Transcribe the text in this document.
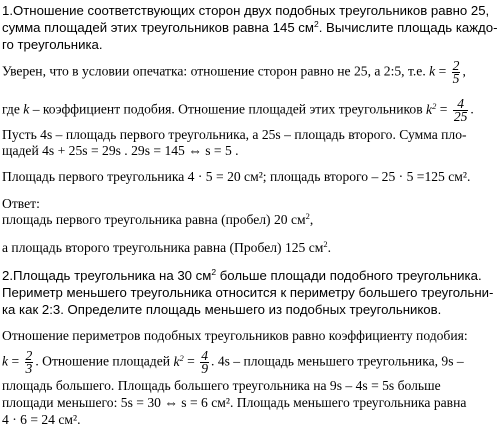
1.Отношение соответствующих сторон двух подобных треугольников равно 25,
сумма площадей этих треугольников равна 145 $см^2$. Вычислите площадь каждо-
го треугольника.
Уверен, что в условии опечатка: отношение сторон равно не 25, а 2:5, т.е. $k = \frac{2}{5}$ ,
где k – коэффициент подобия. Отношение площадей этих треугольников $k^2 = \frac{4}{25}$ .
Пусть 4s – площадь первого треугольника, а 25s – площадь второго. Сумма пло-
щадей 4s + 25s = 29s . 29s = 145 ⇔ s = 5 .
Площадь первого треугольника 4 · 5 = 20 см²; площадь второго – 25 · 5 =125 см².
Ответ:
площадь первого треугольника равна (пробел) 20 $см^2$,
а площадь второго треугольника равна (Пробел) 125 $см^2$.
2.Площадь треугольника на 30 $см^2$ больше площади подобного треугольника.
Периметр меньшего треугольника относится к периметру большего треугольни-
ка как 2:3. Определите площадь меньшего из подобных треугольников.
Отношение периметров подобных треугольников равно коэффициенту подобия:
$k = \frac{2}{3}$ . Отношение площадей $k^2 = \frac{4}{9}$ . 4s – площадь меньшего треугольника, 9s –
площадь большего. Площадь большего треугольника на 9s – 4s = 5s больше
площади меньшего: 5s = 30 ⇔ s = 6 см². Площадь меньшего треугольника равна
4 · 6 = 24 см².
